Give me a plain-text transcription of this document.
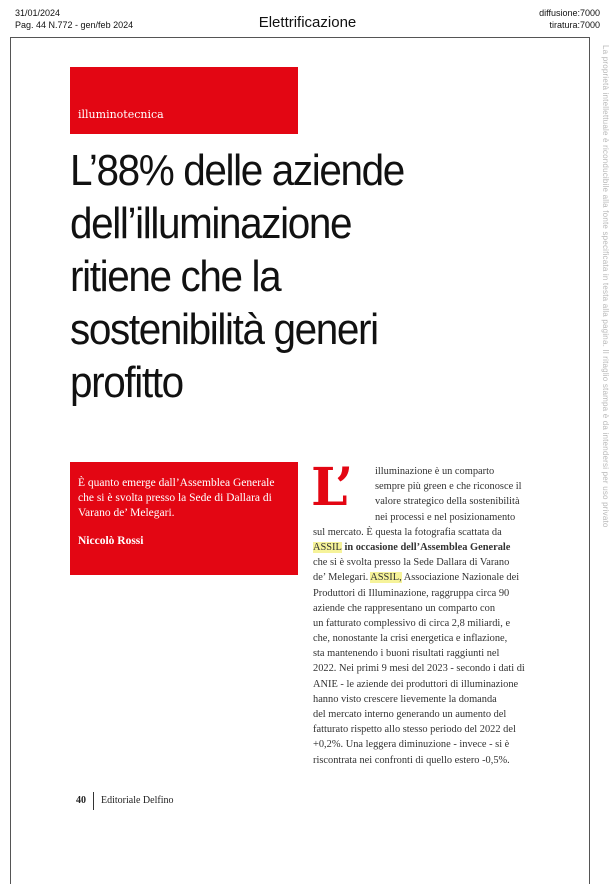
31/01/2024
Pag. 44 N.772 - gen/feb 2024	Elettrificazione
diffusione:7000
tiratura:7000
La proprietà intellettuale è riconducibile alla fonte specificata in testa alla pagina. Il ritaglio stampa è da intendersi per uso privato
illuminotecnica
L’88% delle aziende
dell’illuminazione
ritiene che la
sostenibilità generi
profitto
È quanto emerge dall’Assemblea Generale che si è svolta presso la Sede di Dallara di Varano de’ Melegari.
Niccolò Rossi
L’	illuminazione è un comparto
sempre più green e che riconosce il
valore strategico della sostenibilità
nei processi e nel posizionamento
sul mercato. È questa la fotografia scattata da
ASSIL in occasione dell’Assemblea Generale
che si è svolta presso la Sede Dallara di Varano
de’ Melegari. ASSIL, Associazione Nazionale dei
Produttori di Illuminazione, raggruppa circa 90
aziende che rappresentano un comparto con
un fatturato complessivo di circa 2,8 miliardi, e
che, nonostante la crisi energetica e inflazione,
sta mantenendo i buoni risultati raggiunti nel
2022. Nei primi 9 mesi del 2023 - secondo i dati di
ANIE - le aziende dei produttori di illuminazione
hanno visto crescere lievemente la domanda
del mercato interno generando un aumento del
fatturato rispetto allo stesso periodo del 2022 del
+0,2%. Una leggera diminuzione - invece - si è
riscontrata nei confronti di quello estero -0,5%.
40 Editoriale Delfino
